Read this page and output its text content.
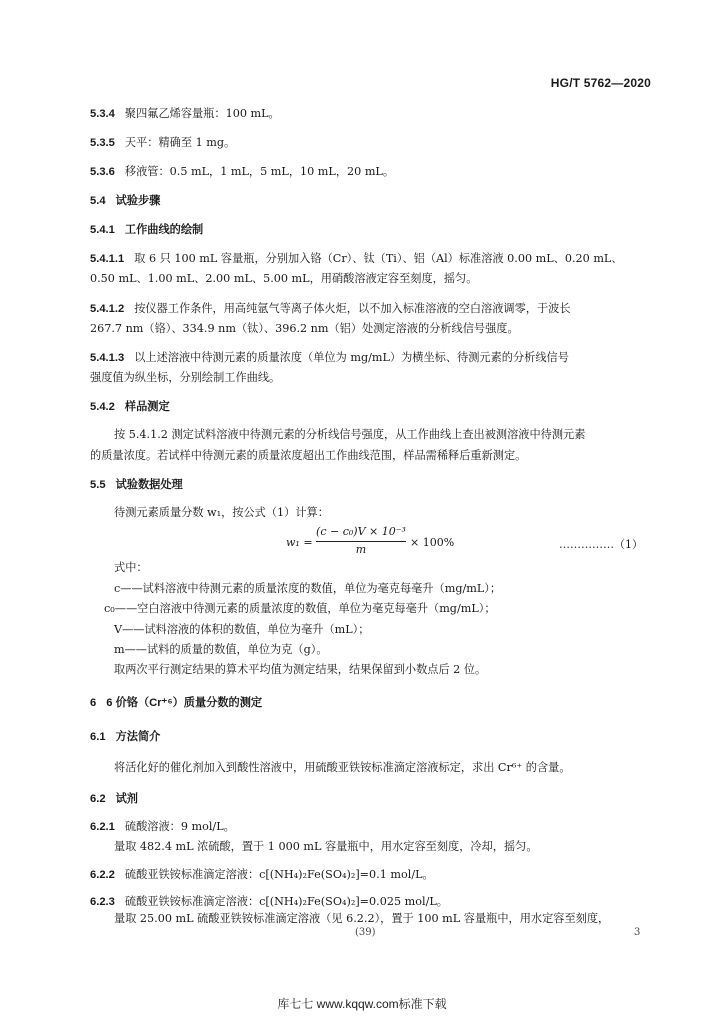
HG/T 5762—2020
5.3.4 聚四氟乙烯容量瓶：100 mL。
5.3.5 天平：精确至 1 mg。
5.3.6 移液管：0.5 mL，1 mL，5 mL，10 mL，20 mL。
5.4 试验步骤
5.4.1 工作曲线的绘制
5.4.1.1 取 6 只 100 mL 容量瓶，分别加入铬（Cr）、钛（Ti）、铝（Al）标准溶液 0.00 mL、0.20 mL、
0.50 mL、1.00 mL、2.00 mL、5.00 mL，用硝酸溶液定容至刻度，摇匀。
5.4.1.2 按仪器工作条件，用高纯氩气等离子体火炬，以不加入标准溶液的空白溶液调零，于波长
267.7 nm（铬）、334.9 nm（钛）、396.2 nm（铝）处测定溶液的分析线信号强度。
5.4.1.3 以上述溶液中待测元素的质量浓度（单位为 mg/mL）为横坐标、待测元素的分析线信号
强度值为纵坐标，分别绘制工作曲线。
5.4.2 样品测定
按 5.4.1.2 测定试料溶液中待测元素的分析线信号强度，从工作曲线上查出被测溶液中待测元素
的质量浓度。若试样中待测元素的质量浓度超出工作曲线范围，样品需稀释后重新测定。
5.5 试验数据处理
待测元素质量分数 w₁，按公式（1）计算：
$w_1 = \frac{\text{(c − c₀)V × 10⁻³}}{m} \times 100\%$	……………（1）
式中：
c——试料溶液中待测元素的质量浓度的数值，单位为毫克每毫升（mg/mL）；
c₀——空白溶液中待测元素的质量浓度的数值，单位为毫克每毫升（mg/mL）；
V——试料溶液的体积的数值，单位为毫升（mL）；
m——试料的质量的数值，单位为克（g）。
取两次平行测定结果的算术平均值为测定结果，结果保留到小数点后 2 位。
6 6 价铬（Cr⁺⁶）质量分数的测定
6.1 方法简介
将活化好的催化剂加入到酸性溶液中，用硫酸亚铁铵标准滴定溶液标定，求出 Cr⁶⁺ 的含量。
6.2 试剂
6.2.1 硫酸溶液：9 mol/L。
量取 482.4 mL 浓硫酸，置于 1 000 mL 容量瓶中，用水定容至刻度，冷却，摇匀。
6.2.2 硫酸亚铁铵标准滴定溶液：c[(NH₄)₂Fe(SO₄)₂]=0.1 mol/L。
6.2.3 硫酸亚铁铵标准滴定溶液：c[(NH₄)₂Fe(SO₄)₂]=0.025 mol/L。
量取 25.00 mL 硫酸亚铁铵标准滴定溶液（见 6.2.2），置于 100 mL 容量瓶中，用水定容至刻度，
(39)	3
库七七 www.kqqw.com标准下载
